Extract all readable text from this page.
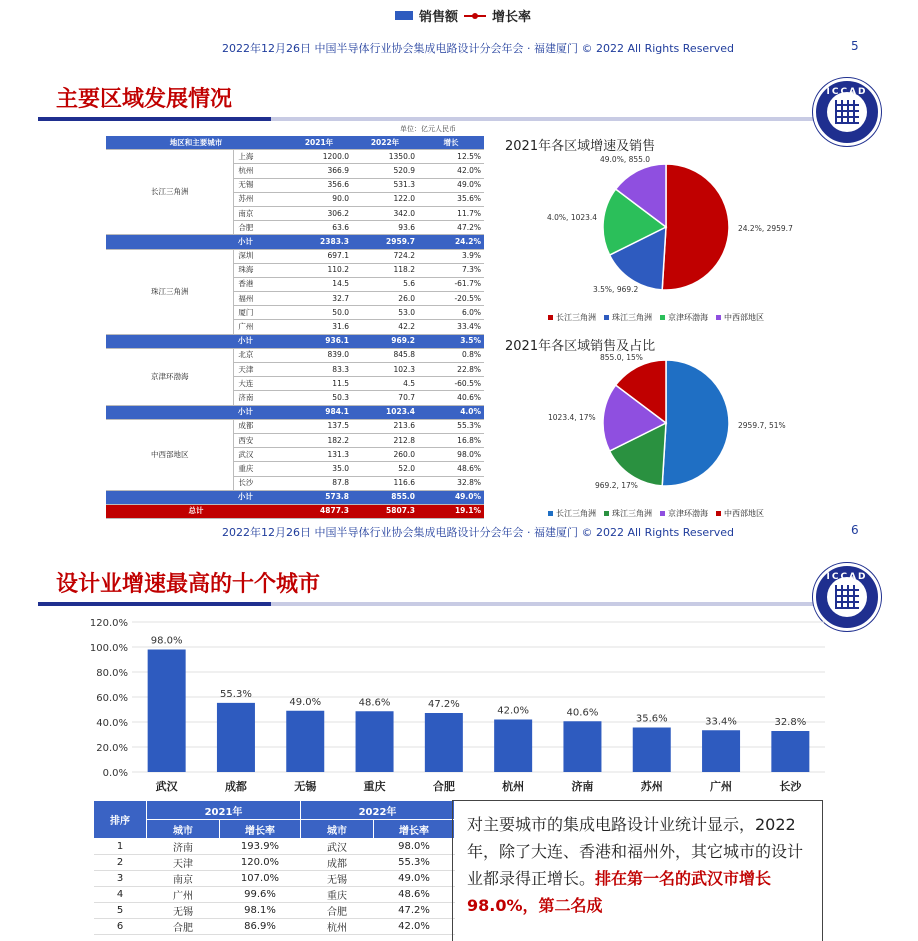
销售额	增长率
2022年12月26日 中国半导体行业协会集成电路设计分会年会 · 福建厦门 © 2022 All Rights Reserved	5
主要区域发展情况	ICCAD
单位：亿元人民币
地区和主要城市		2021年	2022年	增长
长江三角洲	上海	1200.0	1350.0	12.5%
	杭州	366.9	520.9	42.0%
	无锡	356.6	531.3	49.0%
	苏州	90.0	122.0	35.6%
	南京	306.2	342.0	11.7%
	合肥	63.6	93.6	47.2%
	小计	2383.3	2959.7	24.2%
珠江三角洲	深圳	697.1	724.2	3.9%
	珠海	110.2	118.2	7.3%
	香港	14.5	5.6	-61.7%
	福州	32.7	26.0	-20.5%
	厦门	50.0	53.0	6.0%
	广州	31.6	42.2	33.4%
	小计	936.1	969.2	3.5%
京津环渤海	北京	839.0	845.8	0.8%
	天津	83.3	102.3	22.8%
	大连	11.5	4.5	-60.5%
	济南	50.3	70.7	40.6%
	小计	984.1	1023.4	4.0%
中西部地区	成都	137.5	213.6	55.3%
	西安	182.2	212.8	16.8%
	武汉	131.3	260.0	98.0%
	重庆	35.0	52.0	48.6%
	长沙	87.8	116.6	32.8%
	小计	573.8	855.0	49.0%
总计		4877.3	5807.3	19.1%
2021年各区域增速及销售
24.2%, 2959.7
3.5%, 969.2
4.0%, 1023.4
49.0%, 855.0
长江三角洲	珠江三角洲	京津环渤海	中西部地区
2021年各区域销售及占比
2959.7, 51%
969.2, 17%
1023.4, 17%
855.0, 15%
长江三角洲	珠江三角洲	京津环渤海	中西部地区
2022年12月26日 中国半导体行业协会集成电路设计分会年会 · 福建厦门 © 2022 All Rights Reserved	6
设计业增速最高的十个城市	ICCAD
0.0%
20.0%
40.0%
60.0%
80.0%
100.0%
120.0%
98.0%
武汉
55.3%
成都
49.0%
无锡
48.6%
重庆
47.2%
合肥
42.0%
杭州
40.6%
济南
35.6%
苏州
33.4%
广州
32.8%
长沙
排序	2021年		2022年	
	城市	增长率	城市	增长率
1	济南	193.9%	武汉	98.0%
2	天津	120.0%	成都	55.3%
3	南京	107.0%	无锡	49.0%
4	广州	99.6%	重庆	48.6%
5	无锡	98.1%	合肥	47.2%
6	合肥	86.9%	杭州	42.0%
对主要城市的集成电路设计业统计显示，2022年，除了大连、香港和福州外，其它城市的设计业都录得正增长。排在第一名的武汉市增长98.0%，第二名成
